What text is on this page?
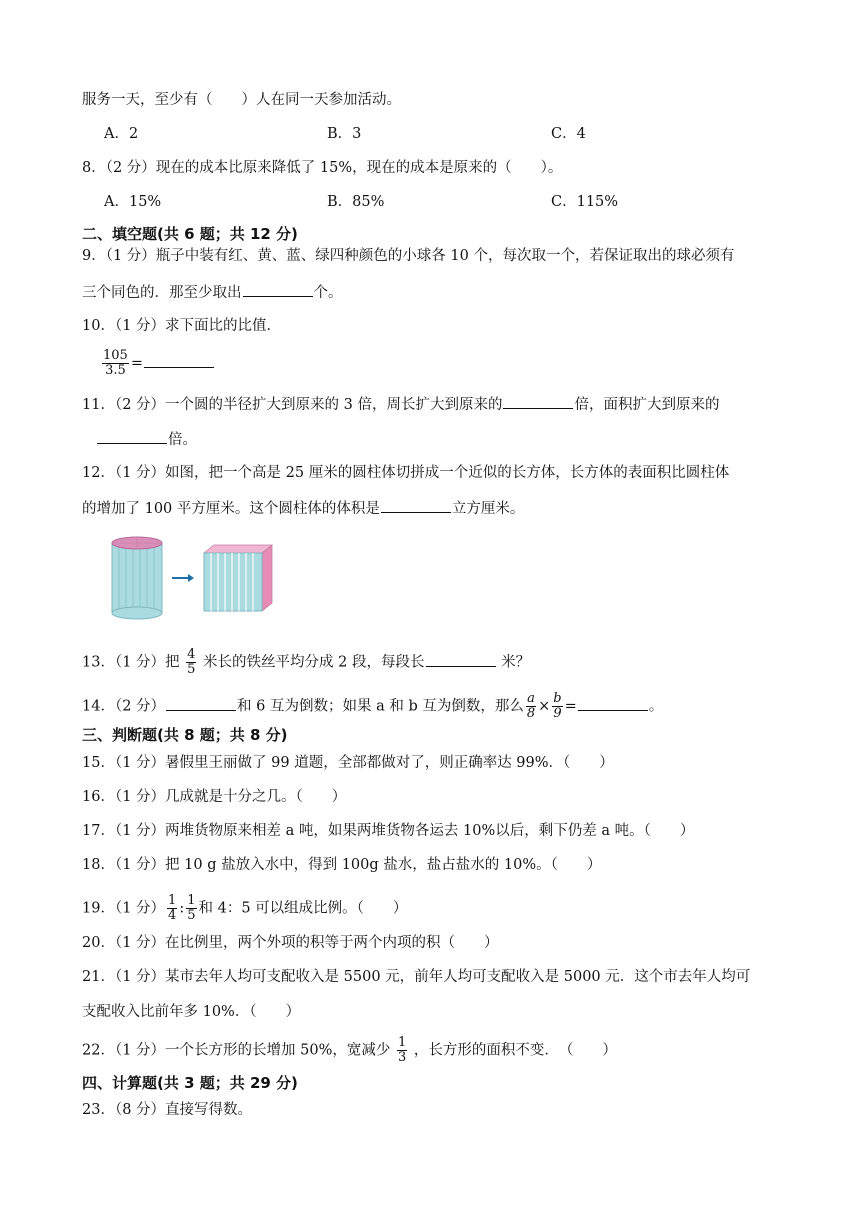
服务一天，至少有（　　）人在同一天参加活动。
A．2	B．3	C．4
8．（2 分）现在的成本比原来降低了 15%，现在的成本是原来的（　　）。
A．15%	B．85%	C．115%
二、填空题(共 6 题；共 12 分)
9．（1 分）瓶子中装有红、黄、蓝、绿四种颜色的小球各 10 个，每次取一个，若保证取出的球必须有
三个同色的．那至少取出	个。
10．（1 分）求下面比的比值．
$\frac{105}{3.5}$ =
11．（2 分）一个圆的半径扩大到原来的 3 倍，周长扩大到原来的	倍，面积扩大到原来的
倍。
12．（1 分）如图，把一个高是 25 厘米的圆柱体切拼成一个近似的长方体，长方体的表面积比圆柱体
的增加了 100 平方厘米。这个圆柱体的体积是	立方厘米。
13．（1 分）把 $\frac{4}{5}$ 米长的铁丝平均分成 2 段，每段长	米？
14．（2 分）	和 6 互为倒数；如果 a 和 b 互为倒数，那么 $\frac{a}{8} \times \frac{b}{9}$ =	。
三、判断题(共 8 题；共 8 分)
15．（1 分）暑假里王丽做了 99 道题，全部都做对了，则正确率达 99%．（　　）
16．（1 分）几成就是十分之几。（　　）
17．（1 分）两堆货物原来相差 a 吨，如果两堆货物各运去 10%以后，剩下仍差 a 吨。（　　）
18．（1 分）把 10 g 盐放入水中，得到 100g 盐水，盐占盐水的 10%。（　　）
19．（1 分） $\frac{1}{4}$ : $\frac{1}{5}$ 和 4：5 可以组成比例。（　　）
20．（1 分）在比例里，两个外项的积等于两个内项的积（　　）
21．（1 分）某市去年人均可支配收入是 5500 元，前年人均可支配收入是 5000 元．这个市去年人均可
支配收入比前年多 10%．（　　）
22．（1 分）一个长方形的长增加 50%，宽减少 $\frac{1}{3}$ ，长方形的面积不变．　（　　）
四、计算题(共 3 题；共 29 分)
23．（8 分）直接写得数。
